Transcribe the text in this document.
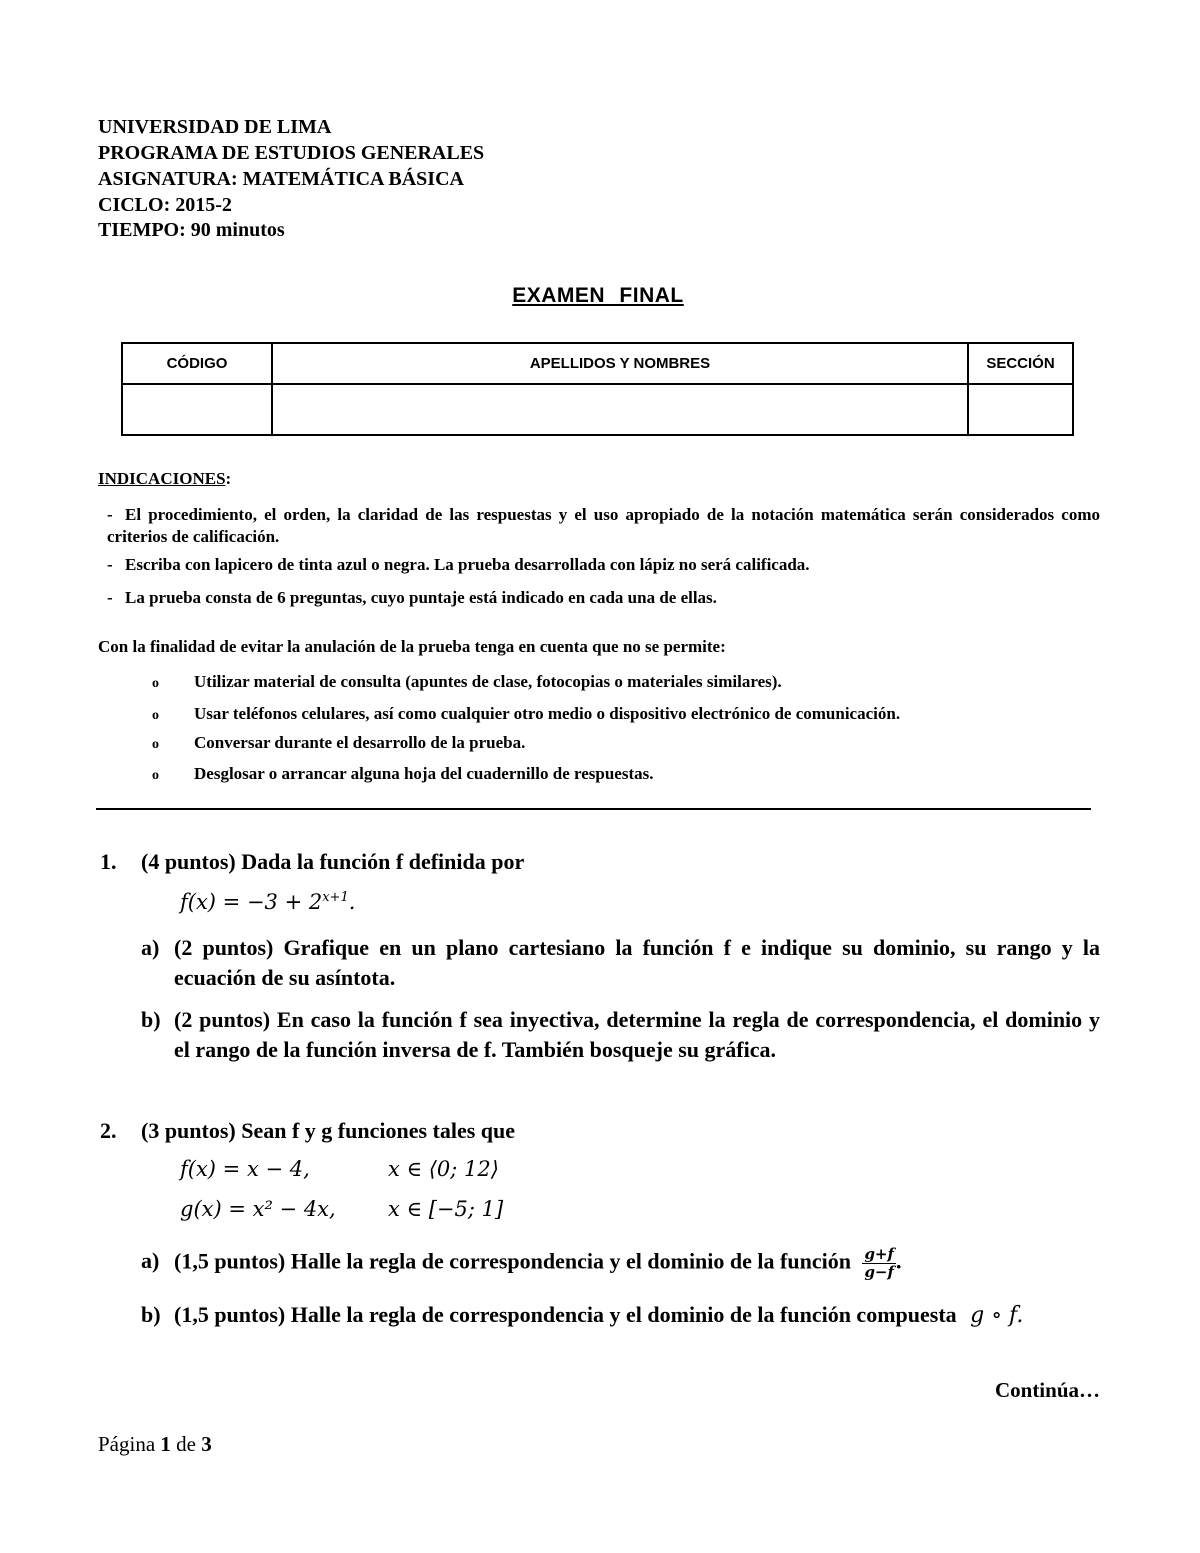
UNIVERSIDAD DE LIMA
PROGRAMA DE ESTUDIOS GENERALES
ASIGNATURA: MATEMÁTICA BÁSICA
CICLO: 2015-2
TIEMPO: 90 minutos
EXAMEN FINAL
CÓDIGO	APELLIDOS Y NOMBRES	SECCIÓN

INDICACIONES:
- El procedimiento, el orden, la claridad de las respuestas y el uso apropiado de la notación matemática serán considerados como criterios de calificación.
- Escriba con lapicero de tinta azul o negra. La prueba desarrollada con lápiz no será calificada.
- La prueba consta de 6 preguntas, cuyo puntaje está indicado en cada una de ellas.
Con la finalidad de evitar la anulación de la prueba tenga en cuenta que no se permite:
o Utilizar material de consulta (apuntes de clase, fotocopias o materiales similares).
o Usar teléfonos celulares, así como cualquier otro medio o dispositivo electrónico de comunicación.
o Conversar durante el desarrollo de la prueba.
o Desglosar o arrancar alguna hoja del cuadernillo de respuestas.
1. (4 puntos) Dada la función f definida por
$f(x) = -3 + 2^{x+1}$.
a) (2 puntos) Grafique en un plano cartesiano la función f e indique su dominio, su rango y la ecuación de su asíntota.
b) (2 puntos) En caso la función f sea inyectiva, determine la regla de correspondencia, el dominio y el rango de la función inversa de f. También bosqueje su gráfica.
2. (3 puntos) Sean f y g funciones tales que
f(x) = x − 4,	x ∈ ⟨0; 12⟩
g(x) = x² − 4x, x ∈ [−5; 1]
a) (1,5 puntos) Halle la regla de correspondencia y el dominio de la función $\frac{g+f}{g-f}$ .
b) (1,5 puntos) Halle la regla de correspondencia y el dominio de la función compuesta g ∘ f.
Continúa…
Página 1 de 3
